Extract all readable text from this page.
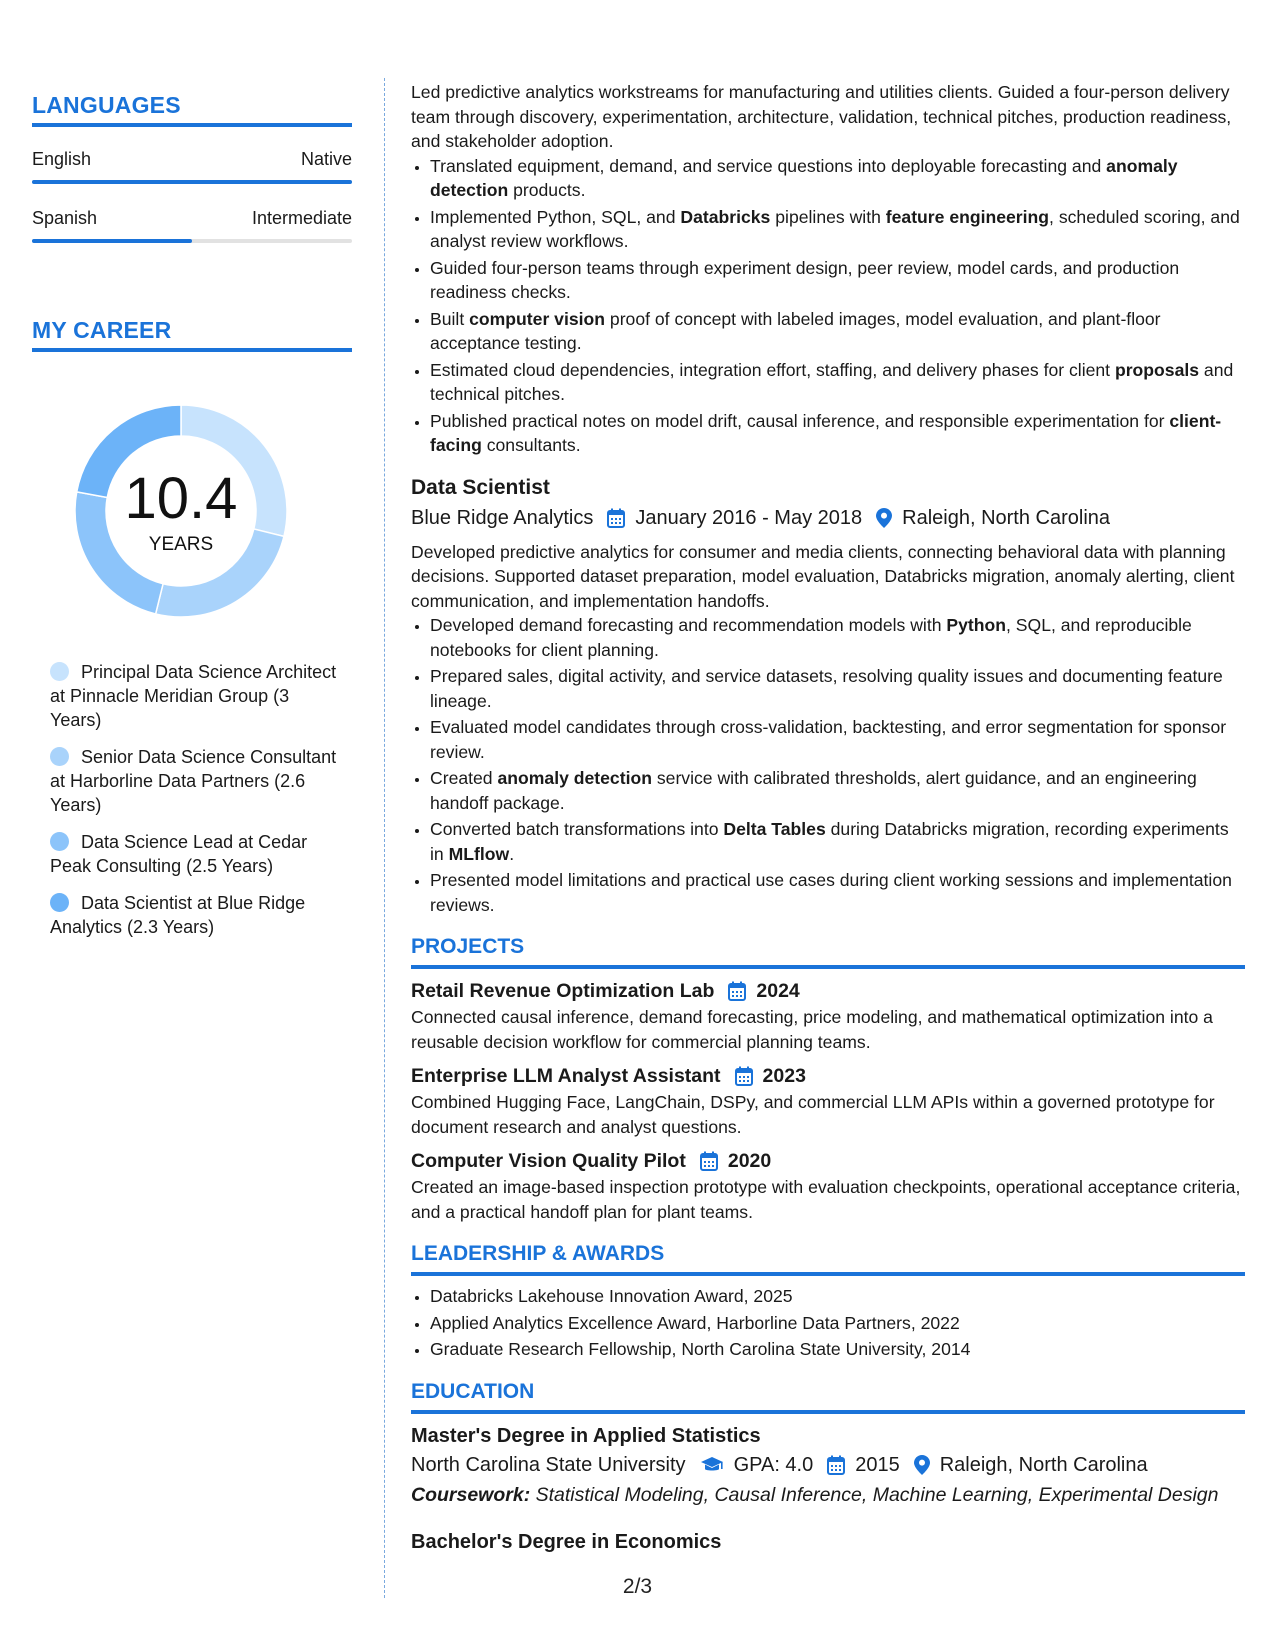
LANGUAGES
English	Native
Spanish	Intermediate
MY CAREER
10.4
YEARS
Principal Data Science Architect at Pinnacle Meridian Group (3 Years)
Senior Data Science Consultant at Harborline Data Partners (2.6 Years)
Data Science Lead at Cedar Peak Consulting (2.5 Years)
Data Scientist at Blue Ridge Analytics (2.3 Years)

Led predictive analytics workstreams for manufacturing and utilities clients. Guided a four-person delivery team through discovery, experimentation, architecture, validation, technical pitches, production readiness, and stakeholder adoption.

• Translated equipment, demand, and service questions into deployable forecasting and anomaly detection products.
• Implemented Python, SQL, and Databricks pipelines with feature engineering, scheduled scoring, and analyst review workflows.
• Guided four-person teams through experiment design, peer review, model cards, and production readiness checks.
• Built computer vision proof of concept with labeled images, model evaluation, and plant-floor acceptance testing.
• Estimated cloud dependencies, integration effort, staffing, and delivery phases for client proposals and technical pitches.
• Published practical notes on model drift, causal inference, and responsible experimentation for client-facing consultants.
Data Scientist
Blue Ridge Analytics January 2016 - May 2018 Raleigh, North Carolina

Developed predictive analytics for consumer and media clients, connecting behavioral data with planning decisions. Supported dataset preparation, model evaluation, Databricks migration, anomaly alerting, client communication, and implementation handoffs.

• Developed demand forecasting and recommendation models with Python, SQL, and reproducible notebooks for client planning.
• Prepared sales, digital activity, and service datasets, resolving quality issues and documenting feature lineage.
• Evaluated model candidates through cross-validation, backtesting, and error segmentation for sponsor review.
• Created anomaly detection service with calibrated thresholds, alert guidance, and an engineering handoff package.
• Converted batch transformations into Delta Tables during Databricks migration, recording experiments in MLflow.
• Presented model limitations and practical use cases during client working sessions and implementation reviews.
PROJECTS
Retail Revenue Optimization Lab 2024

Connected causal inference, demand forecasting, price modeling, and mathematical optimization into a reusable decision workflow for commercial planning teams.

Enterprise LLM Analyst Assistant 2023

Combined Hugging Face, LangChain, DSPy, and commercial LLM APIs within a governed prototype for document research and analyst questions.

Computer Vision Quality Pilot 2020

Created an image-based inspection prototype with evaluation checkpoints, operational acceptance criteria, and a practical handoff plan for plant teams.

LEADERSHIP & AWARDS
• Databricks Lakehouse Innovation Award, 2025
• Applied Analytics Excellence Award, Harborline Data Partners, 2022
• Graduate Research Fellowship, North Carolina State University, 2014
EDUCATION
Master's Degree in Applied Statistics
North Carolina State University GPA: 4.0 2015 Raleigh, North Carolina
Coursework: Statistical Modeling, Causal Inference, Machine Learning, Experimental Design
Bachelor's Degree in Economics
2/3
